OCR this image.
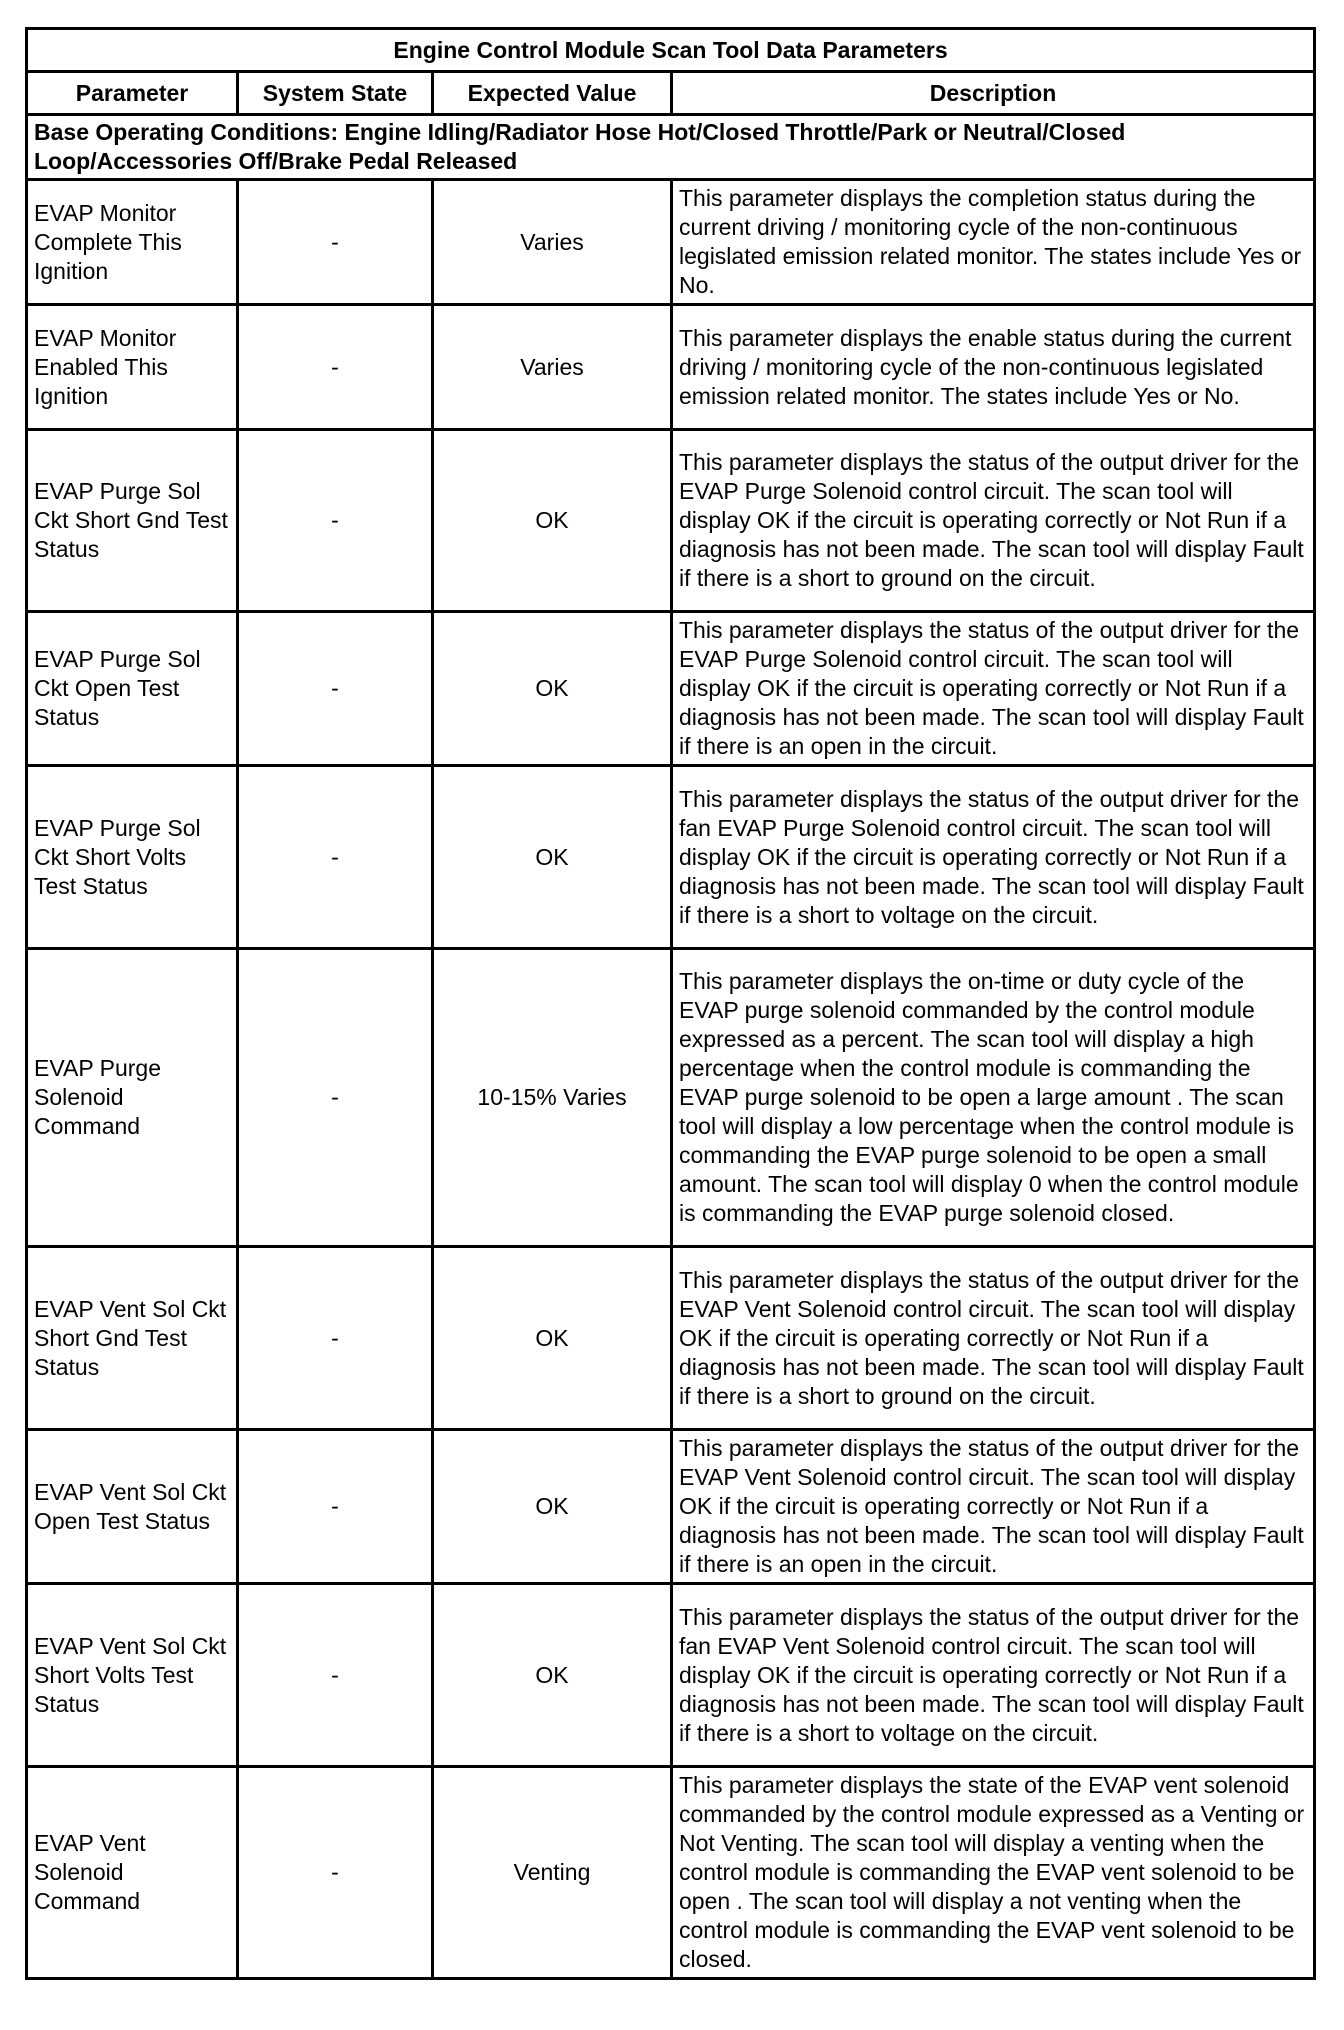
Engine Control Module Scan Tool Data Parameters			
Parameter	System State	Expected Value	Description
Base Operating Conditions: Engine Idling/Radiator Hose Hot/Closed Throttle/Park or Neutral/Closed Loop/Accessories Off/Brake Pedal Released			
EVAP Monitor Complete This Ignition	-	Varies	This parameter displays the completion status during the current driving / monitoring cycle of the non-continuous legislated emission related monitor. The states include Yes or No.
EVAP Monitor Enabled This Ignition	-	Varies	This parameter displays the enable status during the current driving / monitoring cycle of the non-continuous legislated emission related monitor. The states include Yes or No.
EVAP Purge Sol Ckt Short Gnd Test Status	-	OK	This parameter displays the status of the output driver for the EVAP Purge Solenoid control circuit. The scan tool will display OK if the circuit is operating correctly or Not Run if a diagnosis has not been made. The scan tool will display Fault if there is a short to ground on the circuit.
EVAP Purge Sol Ckt Open Test Status	-	OK	This parameter displays the status of the output driver for the EVAP Purge Solenoid control circuit. The scan tool will display OK if the circuit is operating correctly or Not Run if a diagnosis has not been made. The scan tool will display Fault if there is an open in the circuit.
EVAP Purge Sol Ckt Short Volts Test Status	-	OK	This parameter displays the status of the output driver for the fan EVAP Purge Solenoid control circuit. The scan tool will display OK if the circuit is operating correctly or Not Run if a diagnosis has not been made. The scan tool will display Fault if there is a short to voltage on the circuit.
EVAP Purge Solenoid Command	-	10-15% Varies	This parameter displays the on-time or duty cycle of the EVAP purge solenoid commanded by the control module expressed as a percent. The scan tool will display a high percentage when the control module is commanding the EVAP purge solenoid to be open a large amount . The scan tool will display a low percentage when the control module is commanding the EVAP purge solenoid to be open a small amount. The scan tool will display 0 when the control module is commanding the EVAP purge solenoid closed.
EVAP Vent Sol Ckt Short Gnd Test Status	-	OK	This parameter displays the status of the output driver for the EVAP Vent Solenoid control circuit. The scan tool will display OK if the circuit is operating correctly or Not Run if a diagnosis has not been made. The scan tool will display Fault if there is a short to ground on the circuit.
EVAP Vent Sol Ckt Open Test Status	-	OK	This parameter displays the status of the output driver for the EVAP Vent Solenoid control circuit. The scan tool will display OK if the circuit is operating correctly or Not Run if a diagnosis has not been made. The scan tool will display Fault if there is an open in the circuit.
EVAP Vent Sol Ckt Short Volts Test Status	-	OK	This parameter displays the status of the output driver for the fan EVAP Vent Solenoid control circuit. The scan tool will display OK if the circuit is operating correctly or Not Run if a diagnosis has not been made. The scan tool will display Fault if there is a short to voltage on the circuit.
EVAP Vent Solenoid Command	-	Venting	This parameter displays the state of the EVAP vent solenoid commanded by the control module expressed as a Venting or Not Venting. The scan tool will display a venting when the control module is commanding the EVAP vent solenoid to be open . The scan tool will display a not venting when the control module is commanding the EVAP vent solenoid to be closed.
